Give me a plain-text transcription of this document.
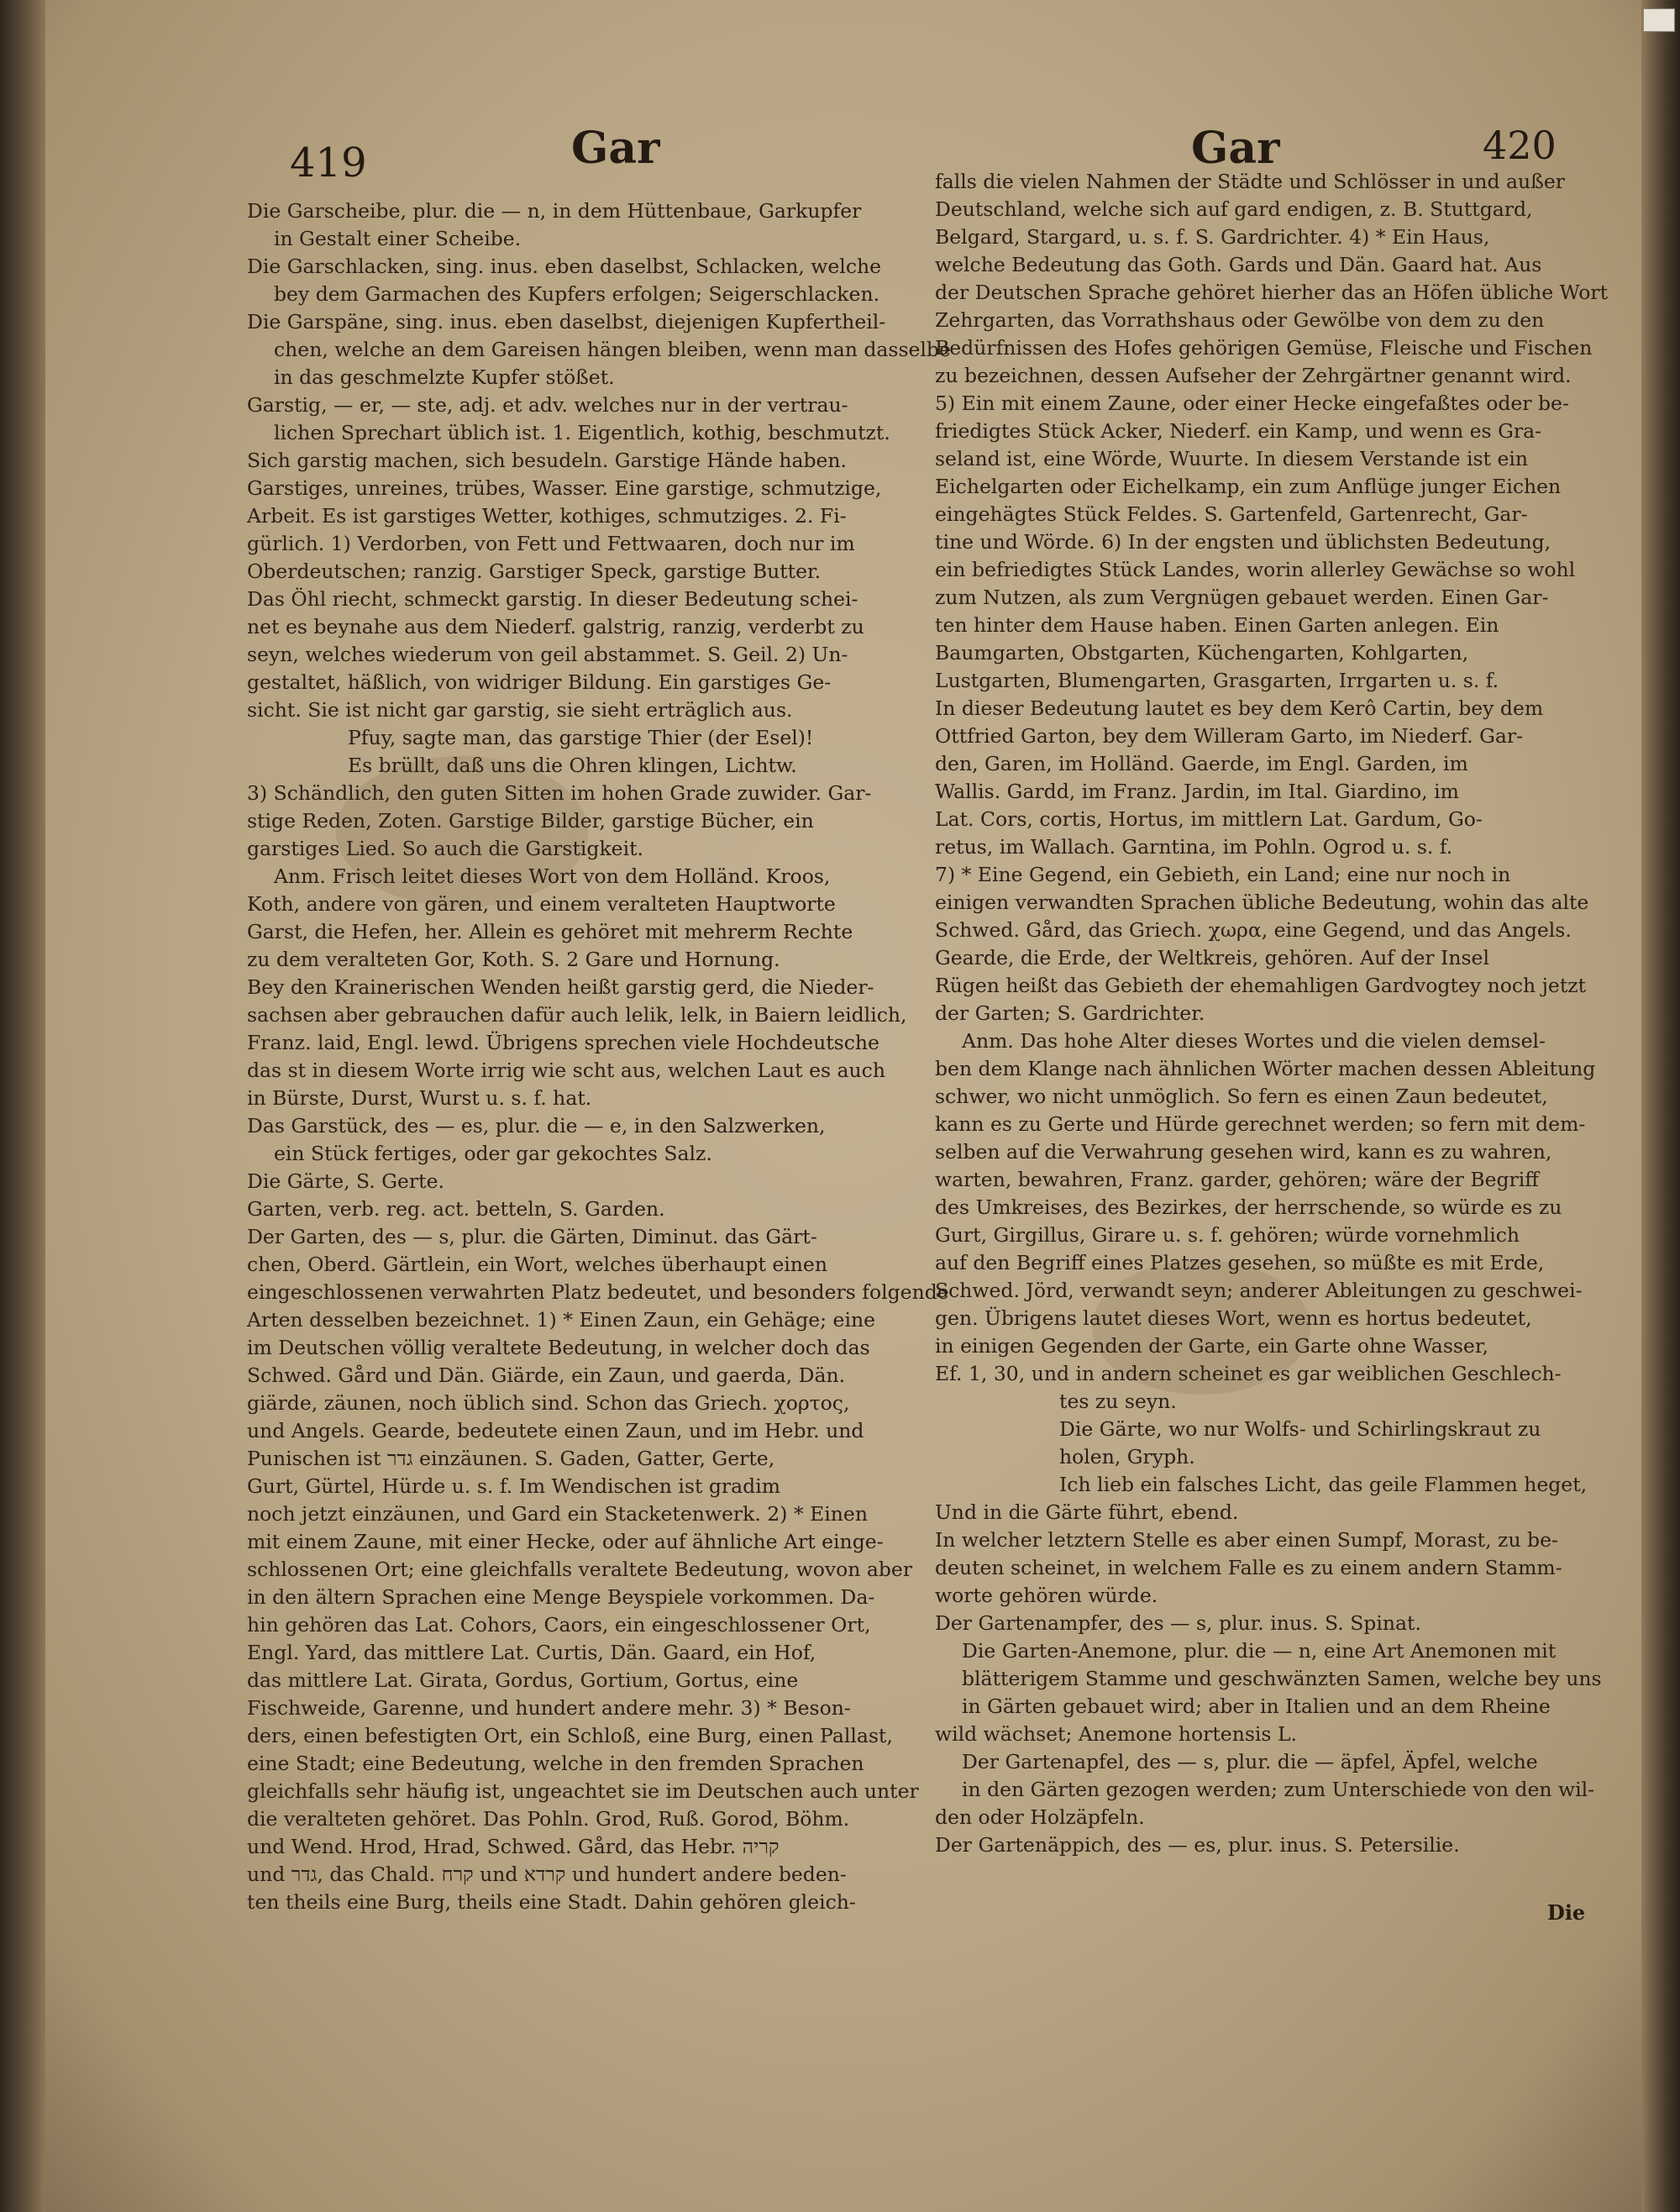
419	Gar	Gar	420
Die Garscheibe, plur. die — n, in dem Hüttenbaue, Garkupfer
in Gestalt einer Scheibe.
Die Garschlacken, sing. inus. eben daselbst, Schlacken, welche
bey dem Garmachen des Kupfers erfolgen; Seigerschlacken.
Die Garspäne, sing. inus. eben daselbst, diejenigen Kupfertheil-
chen, welche an dem Gareisen hängen bleiben, wenn man dasselbe
in das geschmelzte Kupfer stößet.
Garstig, — er, — ste, adj. et adv. welches nur in der vertrau-
lichen Sprechart üblich ist. 1. Eigentlich, kothig, beschmutzt.
Sich garstig machen, sich besudeln. Garstige Hände haben.
Garstiges, unreines, trübes, Wasser. Eine garstige, schmutzige,
Arbeit. Es ist garstiges Wetter, kothiges, schmutziges. 2. Fi-
gürlich. 1) Verdorben, von Fett und Fettwaaren, doch nur im
Oberdeutschen; ranzig. Garstiger Speck, garstige Butter.
Das Öhl riecht, schmeckt garstig. In dieser Bedeutung schei-
net es beynahe aus dem Niederf. galstrig, ranzig, verderbt zu
seyn, welches wiederum von geil abstammet. S. Geil. 2) Un-
gestaltet, häßlich, von widriger Bildung. Ein garstiges Ge-
sicht. Sie ist nicht gar garstig, sie sieht erträglich aus.
Pfuy, sagte man, das garstige Thier (der Esel)!
Es brüllt, daß uns die Ohren klingen, Lichtw.
3) Schändlich, den guten Sitten im hohen Grade zuwider. Gar-
stige Reden, Zoten. Garstige Bilder, garstige Bücher, ein
garstiges Lied. So auch die Garstigkeit.
Anm. Frisch leitet dieses Wort von dem Holländ. Kroos,
Koth, andere von gären, und einem veralteten Hauptworte
Garst, die Hefen, her. Allein es gehöret mit mehrerm Rechte
zu dem veralteten Gor, Koth. S. 2 Gare und Hornung.
Bey den Krainerischen Wenden heißt garstig gerd, die Nieder-
sachsen aber gebrauchen dafür auch lelik, lelk, in Baiern leidlich,
Franz. laid, Engl. lewd. Übrigens sprechen viele Hochdeutsche
das st in diesem Worte irrig wie scht aus, welchen Laut es auch
in Bürste, Durst, Wurst u. s. f. hat.
Das Garstück, des — es, plur. die — e, in den Salzwerken,
ein Stück fertiges, oder gar gekochtes Salz.
Die Gärte, S. Gerte.
Garten, verb. reg. act. betteln, S. Garden.
Der Garten, des — s, plur. die Gärten, Diminut. das Gärt-
chen, Oberd. Gärtlein, ein Wort, welches überhaupt einen
eingeschlossenen verwahrten Platz bedeutet, und besonders folgende
Arten desselben bezeichnet. 1) * Einen Zaun, ein Gehäge; eine
im Deutschen völlig veraltete Bedeutung, in welcher doch das
Schwed. Gård und Dän. Giärde, ein Zaun, und gaerda, Dän.
giärde, zäunen, noch üblich sind. Schon das Griech. χορτος,
und Angels. Gearde, bedeutete einen Zaun, und im Hebr. und
Punischen ist גדר einzäunen. S. Gaden, Gatter, Gerte,
Gurt, Gürtel, Hürde u. s. f. Im Wendischen ist gradim
noch jetzt einzäunen, und Gard ein Stacketenwerk. 2) * Einen
mit einem Zaune, mit einer Hecke, oder auf ähnliche Art einge-
schlossenen Ort; eine gleichfalls veraltete Bedeutung, wovon aber
in den ältern Sprachen eine Menge Beyspiele vorkommen. Da-
hin gehören das Lat. Cohors, Caors, ein eingeschlossener Ort,
Engl. Yard, das mittlere Lat. Curtis, Dän. Gaard, ein Hof,
das mittlere Lat. Girata, Gordus, Gortium, Gortus, eine
Fischweide, Garenne, und hundert andere mehr. 3) * Beson-
ders, einen befestigten Ort, ein Schloß, eine Burg, einen Pallast,
eine Stadt; eine Bedeutung, welche in den fremden Sprachen
gleichfalls sehr häufig ist, ungeachtet sie im Deutschen auch unter
die veralteten gehöret. Das Pohln. Grod, Ruß. Gorod, Böhm.
und Wend. Hrod, Hrad, Schwed. Gård, das Hebr. קריה
und גדר, das Chald. קרח und קרדא und hundert andere beden-
ten theils eine Burg, theils eine Stadt. Dahin gehören gleich-
falls die vielen Nahmen der Städte und Schlösser in und außer
Deutschland, welche sich auf gard endigen, z. B. Stuttgard,
Belgard, Stargard, u. s. f. S. Gardrichter. 4) * Ein Haus,
welche Bedeutung das Goth. Gards und Dän. Gaard hat. Aus
der Deutschen Sprache gehöret hierher das an Höfen übliche Wort
Zehrgarten, das Vorrathshaus oder Gewölbe von dem zu den
Bedürfnissen des Hofes gehörigen Gemüse, Fleische und Fischen
zu bezeichnen, dessen Aufseher der Zehrgärtner genannt wird.
5) Ein mit einem Zaune, oder einer Hecke eingefaßtes oder be-
friedigtes Stück Acker, Niederf. ein Kamp, und wenn es Gra-
seland ist, eine Wörde, Wuurte. In diesem Verstande ist ein
Eichelgarten oder Eichelkamp, ein zum Anflüge junger Eichen
eingehägtes Stück Feldes. S. Gartenfeld, Gartenrecht, Gar-
tine und Wörde. 6) In der engsten und üblichsten Bedeutung,
ein befriedigtes Stück Landes, worin allerley Gewächse so wohl
zum Nutzen, als zum Vergnügen gebauet werden. Einen Gar-
ten hinter dem Hause haben. Einen Garten anlegen. Ein
Baumgarten, Obstgarten, Küchengarten, Kohlgarten,
Lustgarten, Blumengarten, Grasgarten, Irrgarten u. s. f.
In dieser Bedeutung lautet es bey dem Kerô Cartin, bey dem
Ottfried Garton, bey dem Willeram Garto, im Niederf. Gar-
den, Garen, im Holländ. Gaerde, im Engl. Garden, im
Wallis. Gardd, im Franz. Jardin, im Ital. Giardino, im
Lat. Cors, cortis, Hortus, im mittlern Lat. Gardum, Go-
retus, im Wallach. Garntina, im Pohln. Ogrod u. s. f.
7) * Eine Gegend, ein Gebieth, ein Land; eine nur noch in
einigen verwandten Sprachen übliche Bedeutung, wohin das alte
Schwed. Gård, das Griech. χωρα, eine Gegend, und das Angels.
Gearde, die Erde, der Weltkreis, gehören. Auf der Insel
Rügen heißt das Gebieth der ehemahligen Gardvogtey noch jetzt
der Garten; S. Gardrichter.
Anm. Das hohe Alter dieses Wortes und die vielen demsel-
ben dem Klange nach ähnlichen Wörter machen dessen Ableitung
schwer, wo nicht unmöglich. So fern es einen Zaun bedeutet,
kann es zu Gerte und Hürde gerechnet werden; so fern mit dem-
selben auf die Verwahrung gesehen wird, kann es zu wahren,
warten, bewahren, Franz. garder, gehören; wäre der Begriff
des Umkreises, des Bezirkes, der herrschende, so würde es zu
Gurt, Girgillus, Girare u. s. f. gehören; würde vornehmlich
auf den Begriff eines Platzes gesehen, so müßte es mit Erde,
Schwed. Jörd, verwandt seyn; anderer Ableitungen zu geschwei-
gen. Übrigens lautet dieses Wort, wenn es hortus bedeutet,
in einigen Gegenden der Garte, ein Garte ohne Wasser,
Ef. 1, 30, und in andern scheinet es gar weiblichen Geschlech-
tes zu seyn.
Die Gärte, wo nur Wolfs- und Schirlingskraut zu
holen, Gryph.
Ich lieb ein falsches Licht, das geile Flammen heget,
Und in die Gärte führt, ebend.
In welcher letztern Stelle es aber einen Sumpf, Morast, zu be-
deuten scheinet, in welchem Falle es zu einem andern Stamm-
worte gehören würde.
Der Gartenampfer, des — s, plur. inus. S. Spinat.
Die Garten-Anemone, plur. die — n, eine Art Anemonen mit
blätterigem Stamme und geschwänzten Samen, welche bey uns
in Gärten gebauet wird; aber in Italien und an dem Rheine
wild wächset; Anemone hortensis L.
Der Gartenapfel, des — s, plur. die — äpfel, Äpfel, welche
in den Gärten gezogen werden; zum Unterschiede von den wil-
den oder Holzäpfeln.
Der Gartenäppich, des — es, plur. inus. S. Petersilie.
Die
